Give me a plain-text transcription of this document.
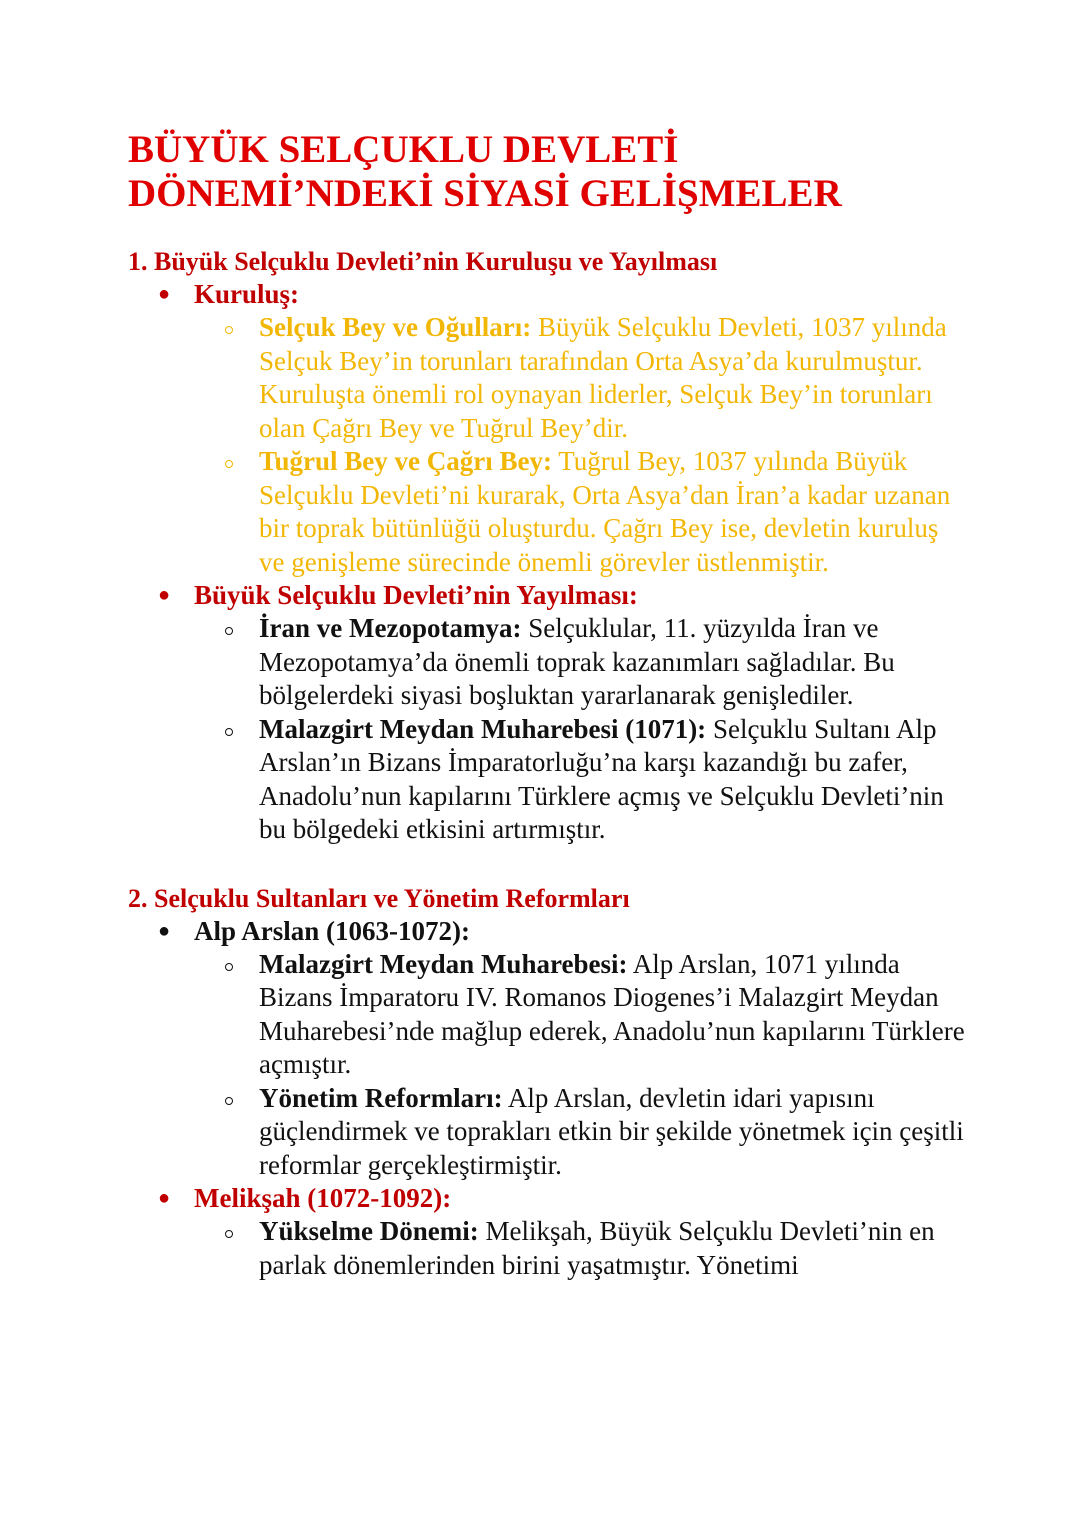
BÜYÜK SELÇUKLU DEVLETİ
DÖNEMİ’NDEKİ SİYASİ GELİŞMELER
1. Büyük Selçuklu Devleti’nin Kuruluşu ve Yayılması
● Kuruluş:
Selçuk Bey ve Oğulları: Büyük Selçuklu Devleti, 1037 yılında Selçuk Bey’in torunları tarafından Orta Asya’da kurulmuştur. Kuruluşta önemli rol oynayan liderler, Selçuk Bey’in torunları olan Çağrı Bey ve Tuğrul Bey’dir.
Tuğrul Bey ve Çağrı Bey: Tuğrul Bey, 1037 yılında Büyük Selçuklu Devleti’ni kurarak, Orta Asya’dan İran’a kadar uzanan bir toprak bütünlüğü oluşturdu. Çağrı Bey ise, devletin kuruluş ve genişleme sürecinde önemli görevler üstlenmiştir.
● Büyük Selçuklu Devleti’nin Yayılması:
İran ve Mezopotamya: Selçuklular, 11. yüzyılda İran ve Mezopotamya’da önemli toprak kazanımları sağladılar. Bu bölgelerdeki siyasi boşluktan yararlanarak genişlediler.
Malazgirt Meydan Muharebesi (1071): Selçuklu Sultanı Alp Arslan’ın Bizans İmparatorluğu’na karşı kazandığı bu zafer, Anadolu’nun kapılarını Türklere açmış ve Selçuklu Devleti’nin bu bölgedeki etkisini artırmıştır.
2. Selçuklu Sultanları ve Yönetim Reformları
● Alp Arslan (1063-1072):
Malazgirt Meydan Muharebesi: Alp Arslan, 1071 yılında Bizans İmparatoru IV. Romanos Diogenes’i Malazgirt Meydan Muharebesi’nde mağlup ederek, Anadolu’nun kapılarını Türklere açmıştır.
Yönetim Reformları: Alp Arslan, devletin idari yapısını güçlendirmek ve toprakları etkin bir şekilde yönetmek için çeşitli reformlar gerçekleştirmiştir.
● Melikşah (1072-1092):
Yükselme Dönemi: Melikşah, Büyük Selçuklu Devleti’nin en parlak dönemlerinden birini yaşatmıştır. Yönetimi
